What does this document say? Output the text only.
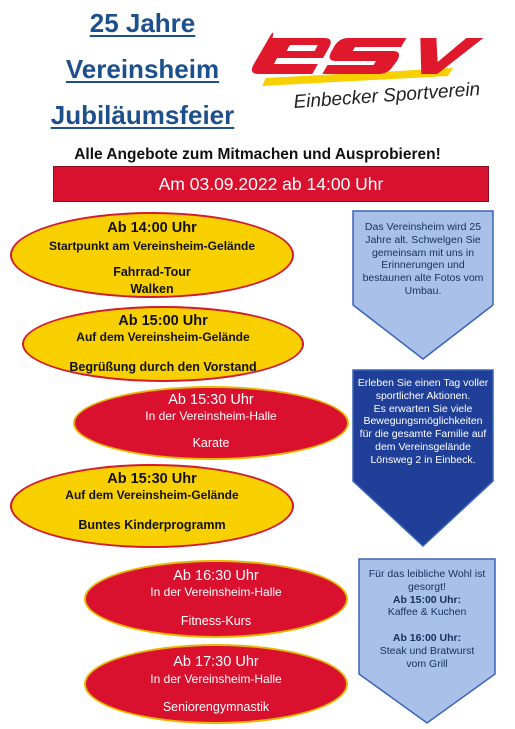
25 Jahre
Vereinsheim
Jubiläumsfeier
Einbecker Sportverein
Alle Angebote zum Mitmachen und Ausprobieren!
Am 03.09.2022 ab 14:00 Uhr
Ab 14:00 Uhr
Startpunkt am Vereinsheim-Gelände
Fahrrad-Tour
Walken
Ab 15:00 Uhr
Auf dem Vereinsheim-Gelände
Begrüßung durch den Vorstand
Ab 15:30 Uhr
In der Vereinsheim-Halle
Karate
Ab 15:30 Uhr
Auf dem Vereinsheim-Gelände
Buntes Kinderprogramm
Ab 16:30 Uhr
In der Vereinsheim-Halle
Fitness-Kurs
Ab 17:30 Uhr
In der Vereinsheim-Halle
Seniorengymnastik
Das Vereinsheim wird 25
Jahre alt. Schwelgen Sie
gemeinsam mit uns in
Erinnerungen und
bestaunen alte Fotos vom
Umbau.
Erleben Sie einen Tag voller
sportlicher Aktionen.
Es erwarten Sie viele
Bewegungsmöglichkeiten
für die gesamte Familie auf
dem Vereinsgelände
Lönsweg 2 in Einbeck.
Für das leibliche Wohl ist
gesorgt!
Ab 15:00 Uhr:
Kaffee & Kuchen
Ab 16:00 Uhr:
Steak und Bratwurst
vom Grill
